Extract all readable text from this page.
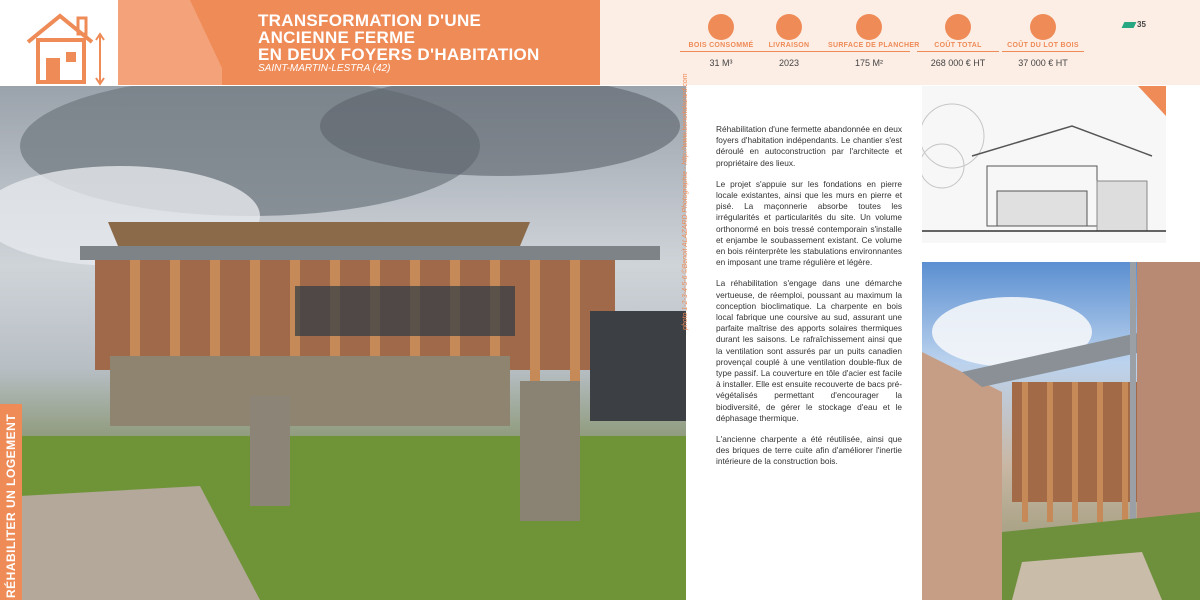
TRANSFORMATION D'UNE
ANCIENNE FERME
EN DEUX FOYERS D'HABITATION
SAINT-MARTIN-LESTRA (42)
BOIS CONSOMMÉ
31 M³
LIVRAISON
2023
SURFACE DE PLANCHER
175 M²
COÛT TOTAL
268 000 € HT
COÛT DU LOT BOIS
37 000 € HT
35
RÉHABILITER UN LOGEMENT
photo 1-2-3-4-5-6 ©Benoit ALAZARD Photographie - http://www.benoitalazard.com	Réhabilitation d'une fermette abandonnée en deux foyers d'habitation indépendants. Le chantier s'est déroulé en autoconstruction par l'architecte et propriétaire des lieux.

Le projet s'appuie sur les fondations en pierre locale existantes, ainsi que les murs en pierre et pisé. La maçonnerie absorbe toutes les irrégularités et particularités du site. Un volume orthonormé en bois tressé contemporain s'installe et enjambe le soubassement existant. Ce volume en bois réinterprète les stabulations environnantes en imposant une trame régulière et légère.

La réhabilitation s'engage dans une démarche vertueuse, de réemploi, poussant au maximum la conception bioclimatique. La charpente en bois local fabrique une coursive au sud, assurant une parfaite maîtrise des apports solaires thermiques durant les saisons. Le rafraîchissement ainsi que la ventilation sont assurés par un puits canadien provençal couplé à une ventilation double-flux de type passif. La couverture en tôle d'acier est facile à installer. Elle est ensuite recouverte de bacs pré-végétalisés permettant d'encourager la biodiversité, de gérer le stockage d'eau et le déphasage thermique.

L'ancienne charpente a été réutilisée, ainsi que des briques de terre cuite afin d'améliorer l'inertie intérieure de la construction bois.
